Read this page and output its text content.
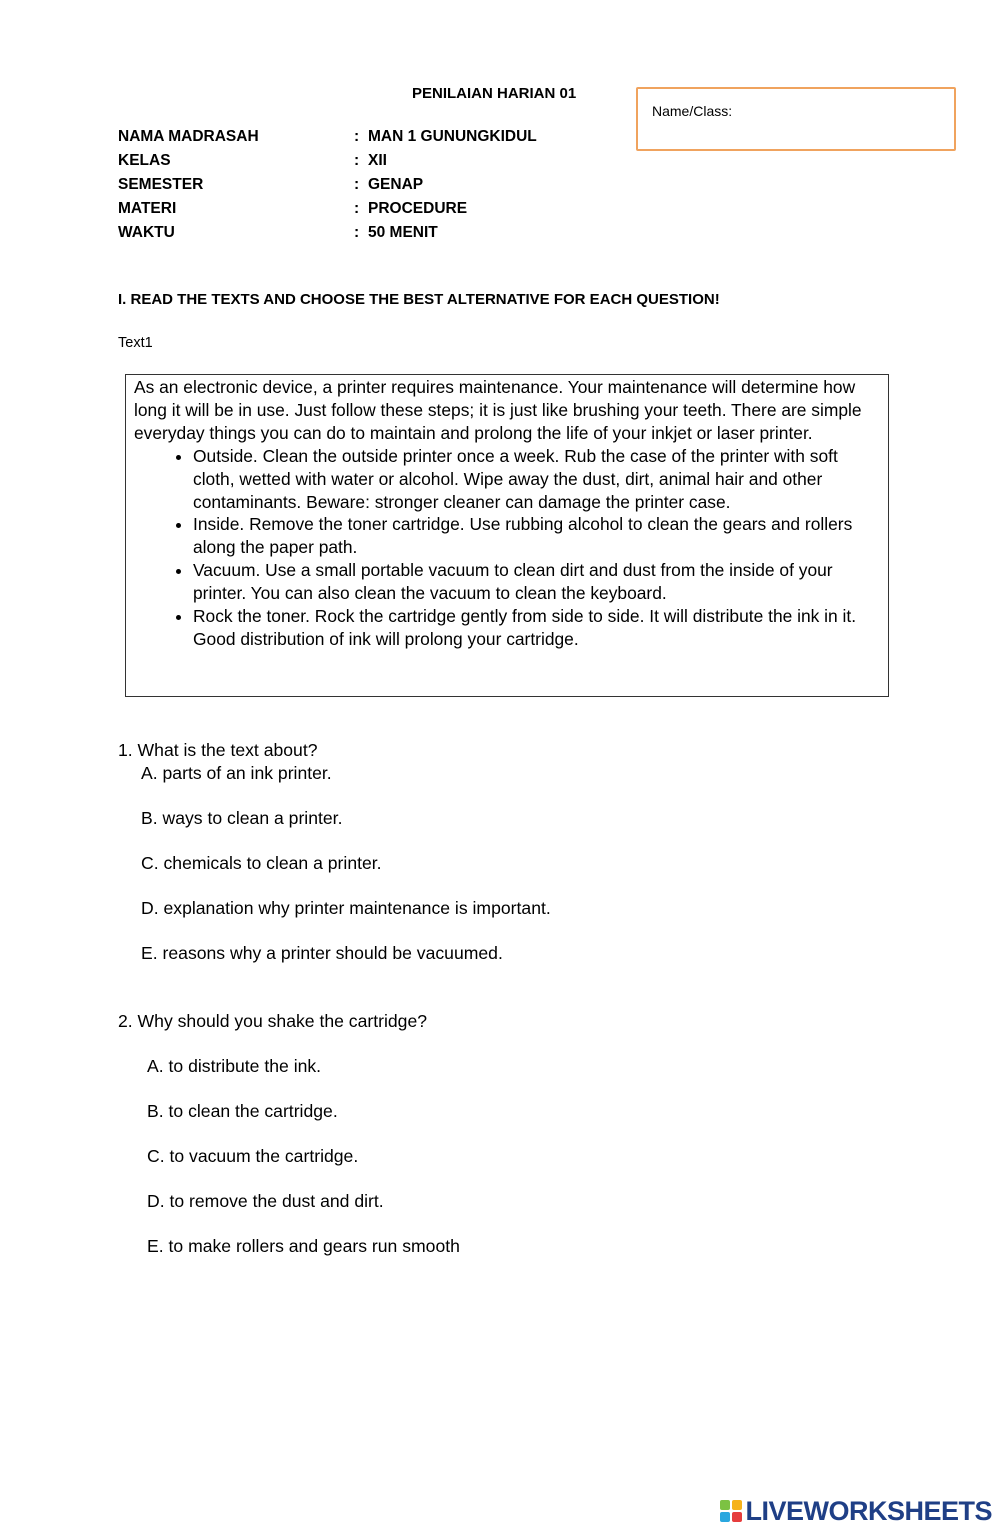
PENILAIAN HARIAN 01
Name/Class:
NAMA MADRASAH	: MAN 1 GUNUNGKIDUL
KELAS	: XII
SEMESTER	: GENAP
MATERI	: PROCEDURE
WAKTU	: 50 MENIT
I. READ THE TEXTS AND CHOOSE THE BEST ALTERNATIVE FOR EACH QUESTION!
Text1

As an electronic device, a printer requires maintenance. Your maintenance will determine how long it will be in use. Just follow these steps; it is just like brushing your teeth. There are simple everyday things you can do to maintain and prolong the life of your inkjet or laser printer.

• Outside. Clean the outside printer once a week. Rub the case of the printer with soft cloth, wetted with water or alcohol. Wipe away the dust, dirt, animal hair and other contaminants. Beware: stronger cleaner can damage the printer case.
• Inside. Remove the toner cartridge. Use rubbing alcohol to clean the gears and rollers along the paper path.
• Vacuum. Use a small portable vacuum to clean dirt and dust from the inside of your printer. You can also clean the vacuum to clean the keyboard.
• Rock the toner. Rock the cartridge gently from side to side. It will distribute the ink in it. Good distribution of ink will prolong your cartridge.
1. What is the text about?
A. parts of an ink printer.
B. ways to clean a printer.
C. chemicals to clean a printer.
D. explanation why printer maintenance is important.
E. reasons why a printer should be vacuumed.
2. Why should you shake the cartridge?
A. to distribute the ink.
B. to clean the cartridge.
C. to vacuum the cartridge.
D. to remove the dust and dirt.
E. to make rollers and gears run smooth
LIVEWORKSHEETS
